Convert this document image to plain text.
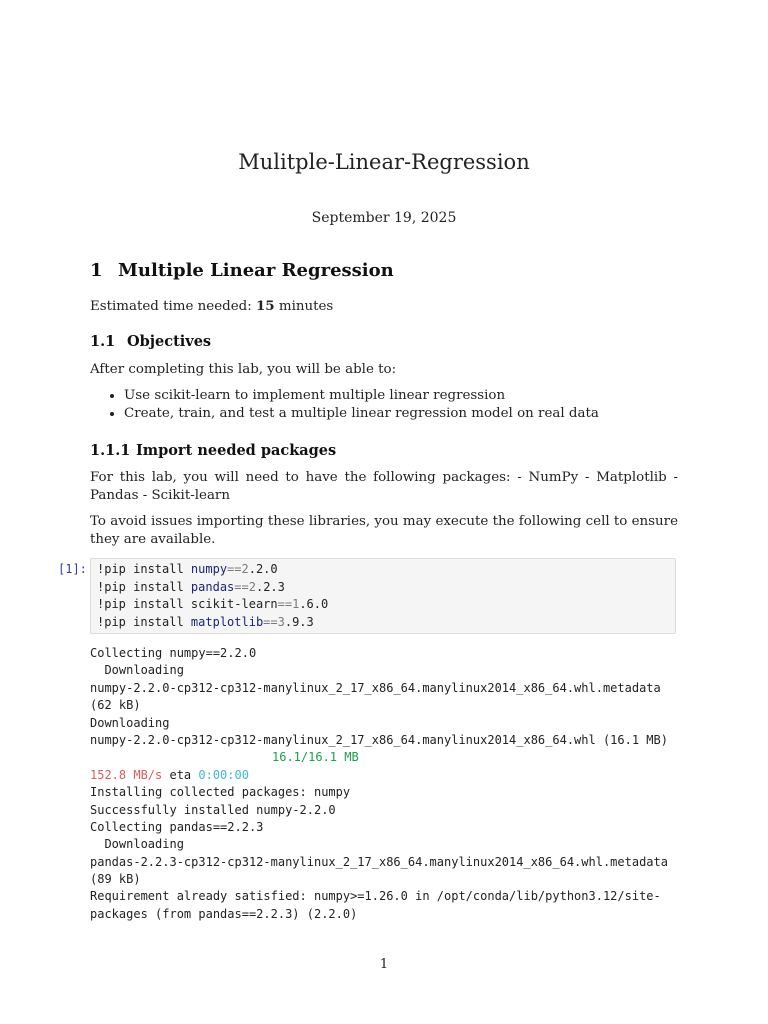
Mulitple-Linear-Regression
September 19, 2025
1 Multiple Linear Regression
Estimated time needed: 15 minutes
1.1 Objectives
After completing this lab, you will be able to:
• Use scikit-learn to implement multiple linear regression
• Create, train, and test a multiple linear regression model on real data
1.1.1 Import needed packages
For this lab, you will need to have the following packages: - NumPy - Matplotlib - Pandas - Scikit-learn
To avoid issues importing these libraries, you may execute the following cell to ensure they are available.
[1]: !pip install numpy==2.2.0
!pip install pandas==2.2.3
!pip install scikit-learn==1.6.0
!pip install matplotlib==3.9.3
Collecting numpy==2.2.0
Downloading
numpy-2.2.0-cp312-cp312-manylinux_2_17_x86_64.manylinux2014_x86_64.whl.metadata
(62 kB)
Downloading
numpy-2.2.0-cp312-cp312-manylinux_2_17_x86_64.manylinux2014_x86_64.whl (16.1 MB)
16.1/16.1 MB
152.8 MB/s eta 0:00:00
Installing collected packages: numpy
Successfully installed numpy-2.2.0
Collecting pandas==2.2.3
Downloading
pandas-2.2.3-cp312-cp312-manylinux_2_17_x86_64.manylinux2014_x86_64.whl.metadata
(89 kB)
Requirement already satisfied: numpy>=1.26.0 in /opt/conda/lib/python3.12/site-
packages (from pandas==2.2.3) (2.2.0)
1
